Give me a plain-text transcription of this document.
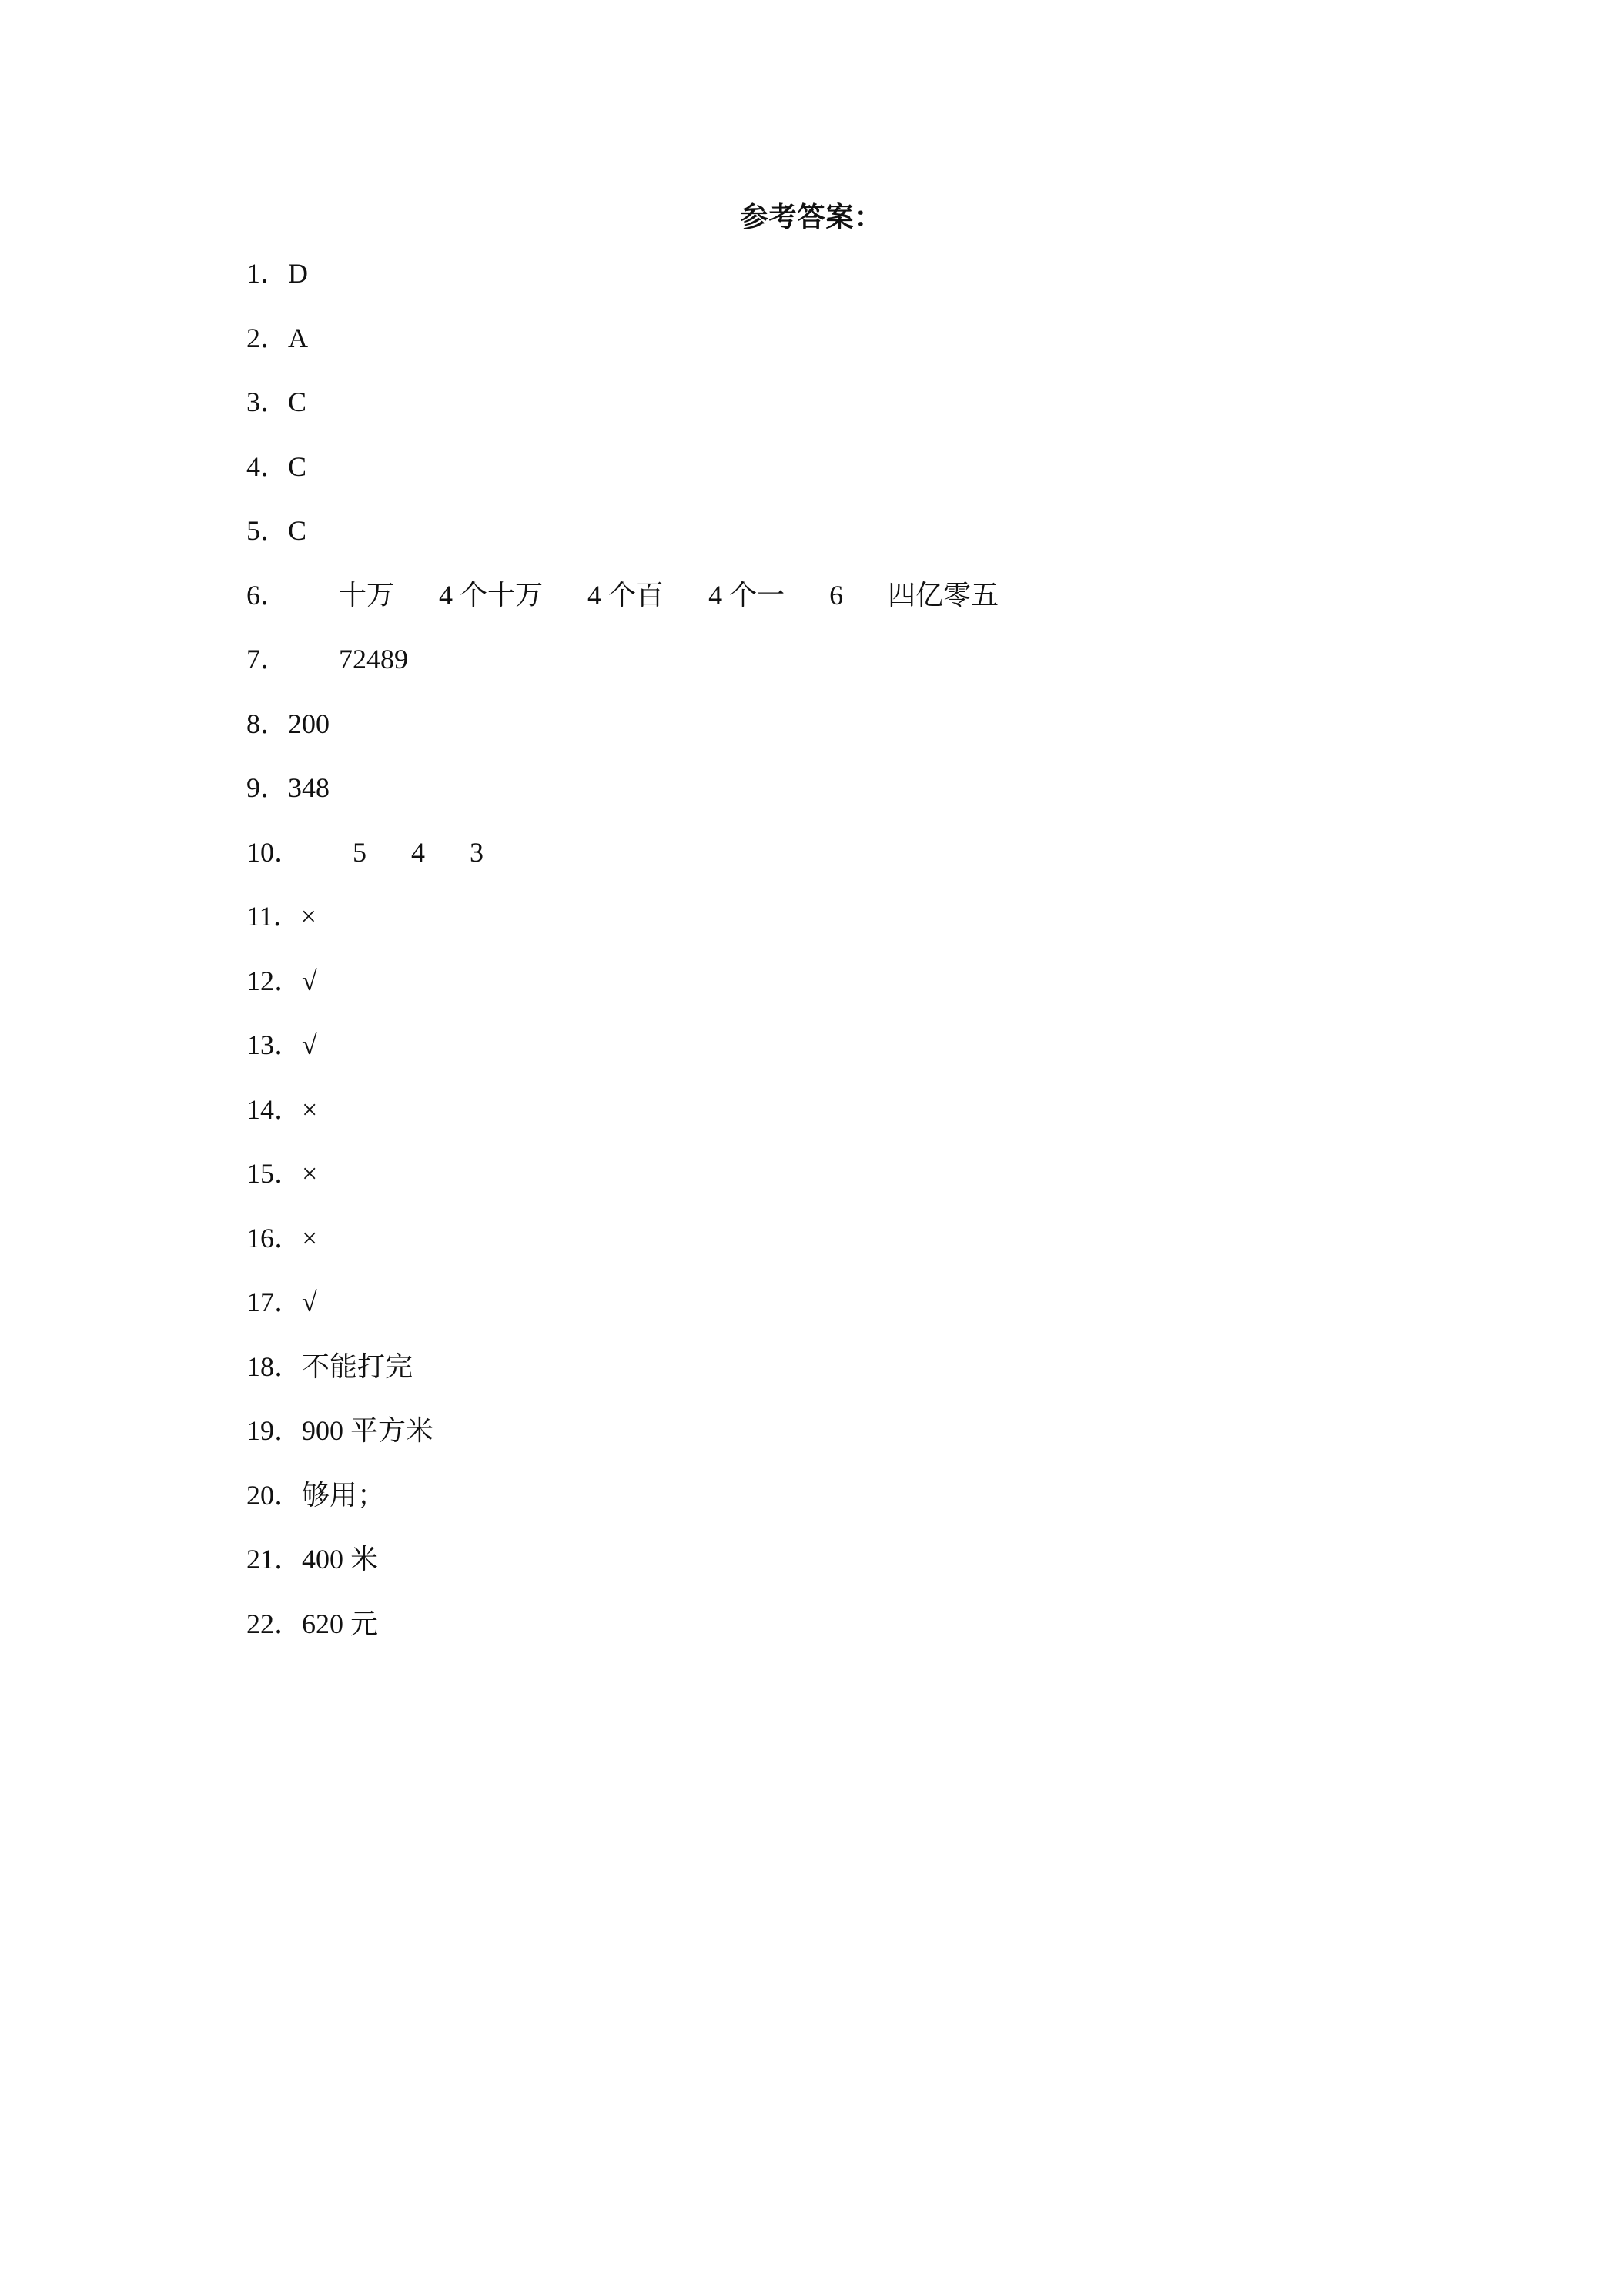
参考答案：
1． D
2． A
3． C
4． C
5． C
6． 十万 4 个十万 4 个百 4 个一 6 四亿零五
7． 72489
8． 200
9． 348
10． 5 4 3
11． ×
12． √
13． √
14． ×
15． ×
16． ×
17． √
18． 不能打完
19． 900 平方米
20． 够用；
21． 400 米
22． 620 元
